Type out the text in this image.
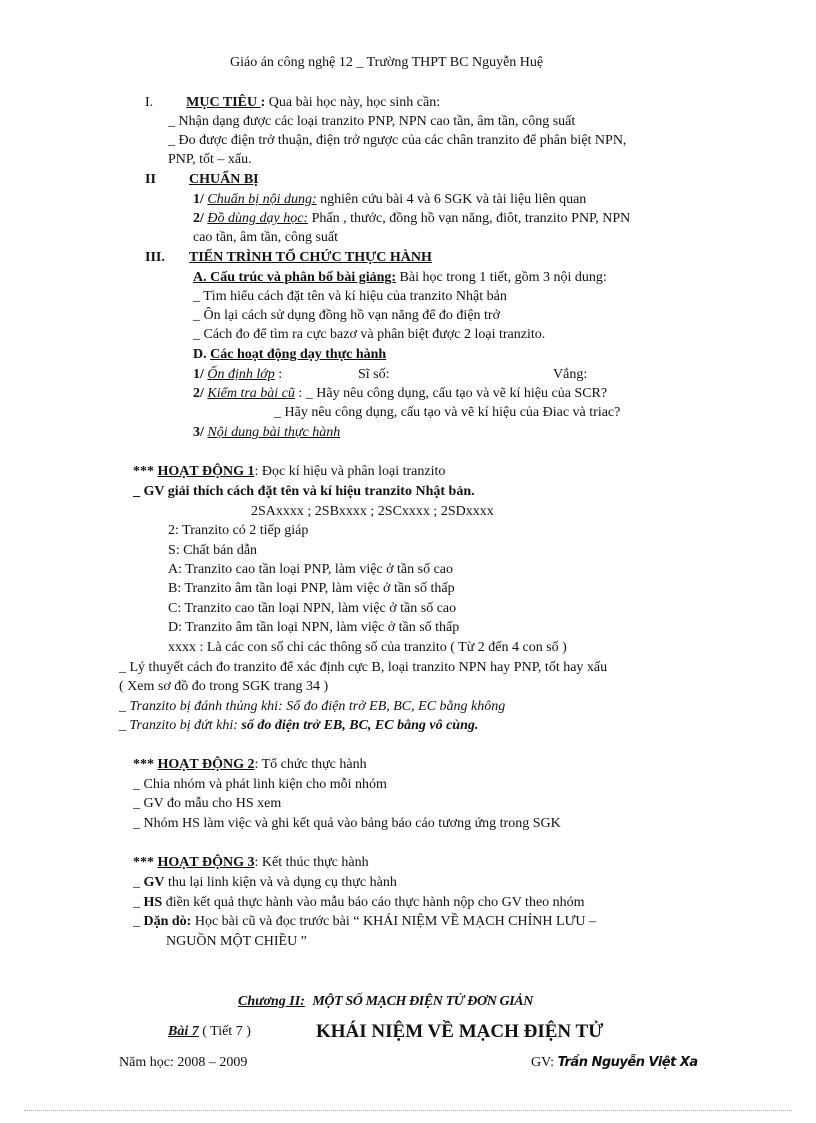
Giáo án công nghệ 12 _ Trường THPT BC Nguyễn Huệ
I. MỤC TIÊU : Qua bài học này, học sinh cần:
_ Nhận dạng được các loại tranzito PNP, NPN cao tần, âm tần, công suất
_ Đo được điện trở thuận, điện trở ngược của các chân tranzito để phân biệt NPN,
PNP, tốt – xấu.
II CHUẨN BỊ
1/ Chuẩn bị nội dung: nghiên cứu bài 4 và 6 SGK và tài liệu liên quan
2/ Đồ dùng dạy học: Phấn , thước, đồng hồ vạn năng, điôt, tranzito PNP, NPN
cao tần, âm tần, công suất
III. TIẾN TRÌNH TỔ CHỨC THỰC HÀNH
A. Cấu trúc và phân bố bài giảng: Bài học trong 1 tiết, gồm 3 nội dung:
_ Tìm hiểu cách đặt tên và kí hiệu của tranzito Nhật bản
_ Ôn lại cách sử dụng đồng hồ vạn năng để đo điện trở
_ Cách đo để tìm ra cực bazơ và phân biệt được 2 loại tranzito.
D. Các hoạt động dạy thực hành
1/ Ổn định lớp :	Sĩ số:	Vắng:
2/ Kiểm tra bài cũ : _ Hãy nêu công dụng, cấu tạo và vẽ kí hiệu của SCR?
_ Hãy nêu công dụng, cấu tạo và vẽ kí hiệu của Điac và triac?
3/ Nội dung bài thực hành
*** HOẠT ĐỘNG 1: Đọc kí hiệu và phân loại tranzito
_ GV giải thích cách đặt tên và kí hiệu tranzito Nhật bản.
2SAxxxx ; 2SBxxxx ; 2SCxxxx ; 2SDxxxx
2: Tranzito có 2 tiếp giáp
S: Chất bán dẫn
A: Tranzito cao tần loại PNP, làm việc ở tần số cao
B: Tranzito âm tần loại PNP, làm việc ở tần số thấp
C: Tranzito cao tần loại NPN, làm việc ở tần số cao
D: Tranzito âm tần loại NPN, làm việc ở tần số thấp
xxxx : Là các con số chỉ các thông số của tranzito ( Từ 2 đến 4 con số )
_ Lý thuyết cách đo tranzito để xác định cực B, loại tranzito NPN hay PNP, tốt hay xấu
( Xem sơ đồ đo trong SGK trang 34 )
_ Tranzito bị đánh thủng khi: Số đo điện trở EB, BC, EC bằng không
_ Tranzito bị đứt khi: số đo điện trở EB, BC, EC bằng vô cùng.
*** HOẠT ĐỘNG 2: Tổ chức thực hành
_ Chia nhóm và phát linh kiện cho mỗi nhóm
_ GV đo mẫu cho HS xem
_ Nhóm HS làm việc và ghi kết quả vào bảng báo cáo tương ứng trong SGK
*** HOẠT ĐỘNG 3: Kết thúc thực hành
_ GV thu lại linh kiện và và dụng cụ thực hành
_ HS điền kết quả thực hành vào mẫu báo cáo thực hành nộp cho GV theo nhóm
_ Dặn dò: Học bài cũ và đọc trước bài “ KHÁI NIỆM VỀ MẠCH CHỈNH LƯU –
NGUỒN MỘT CHIỀU ”
Chương II: MỘT SỐ MẠCH ĐIỆN TỬ ĐƠN GIẢN
Bài 7 ( Tiết 7 )	KHÁI NIỆM VỀ MẠCH ĐIỆN TỬ
Năm học: 2008 – 2009	GV: Trần Nguyễn Việt Xa
